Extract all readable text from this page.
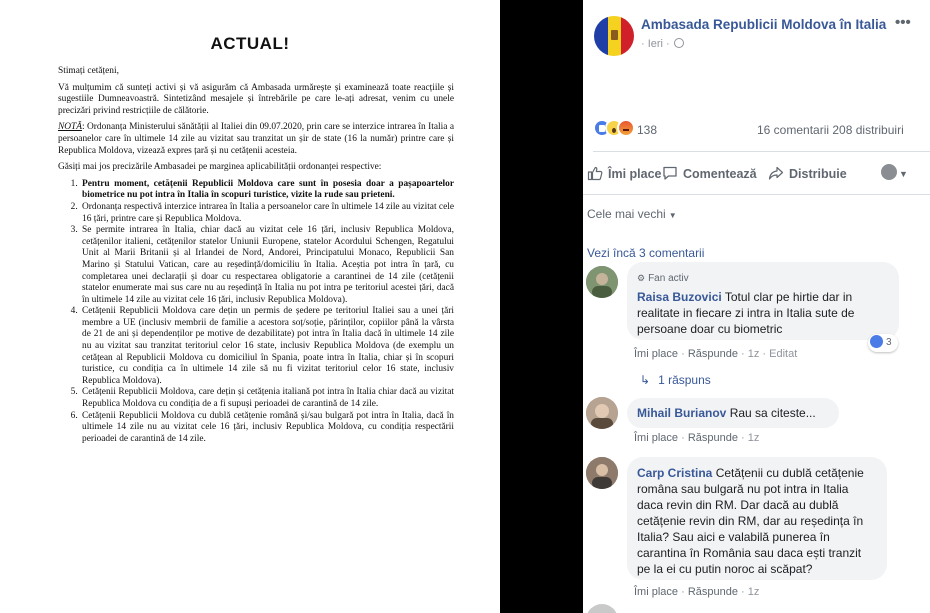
ACTUAL!

Stimați cetățeni,

Vă mulțumim că sunteți activi și vă asigurăm că Ambasada urmărește și examinează toate reacțiile și sugestiile Dumneavoastră. Sintetizând mesajele și întrebările pe care le-ați adresat, venim cu unele precizări privind restricțiile de călătorie.

NOTĂ: Ordonanța Ministerului sănătății al Italiei din 09.07.2020, prin care se interzice intrarea în Italia a persoanelor care în ultimele 14 zile au vizitat sau tranzitat un șir de state (16 la număr) printre care și Republica Moldova, vizează expres țară și nu cetățenii acesteia.

Găsiți mai jos precizările Ambasadei pe marginea aplicabilității ordonanței respective:

1. Pentru moment, cetățenii Republicii Moldova care sunt în posesia doar a pașapoartelor biometrice nu pot intra în Italia în scopuri turistice, vizite la rude sau prieteni.
2. Ordonanța respectivă interzice intrarea în Italia a persoanelor care în ultimele 14 zile au vizitat cele 16 țări, printre care și Republica Moldova.
3. Se permite intrarea în Italia, chiar dacă au vizitat cele 16 țări, inclusiv Republica Moldova, cetățenilor italieni, cetățenilor statelor Uniunii Europene, statelor Acordului Schengen, Regatului Unit al Marii Britanii și al Irlandei de Nord, Andorei, Principatului Monaco, Republicii San Marino și Statului Vatican, care au reședință/domiciliu în Italia. Aceștia pot intra în țară, cu completarea unei declarații și doar cu respectarea obligatorie a carantinei de 14 zile (cetățenii statelor enumerate mai sus care nu au reședință în Italia nu pot intra pe teritoriul acestei țări, dacă în ultimele 14 zile au vizitat cele 16 țări, inclusiv Republica Moldova).
4. Cetățenii Republicii Moldova care dețin un permis de ședere pe teritoriul Italiei sau a unei țări membre a UE (inclusiv membrii de familie a acestora soț/soție, părinților, copiilor până la vârsta de 21 de ani și dependenților pe motive de dezabilitate) pot intra în Italia dacă în ultimele 14 zile nu au vizitat sau tranzitat teritoriul celor 16 state, inclusiv Republica Moldova (de exemplu un cetățean al Republicii Moldova cu domiciliul în Spania, poate intra în Italia, chiar și în scopuri turistice, cu condiția ca în ultimele 14 zile să nu fi vizitat teritoriul celor 16 state, inclusiv Republica Moldova).
5. Cetățenii Republicii Moldova, care dețin și cetățenia italiană pot intra în Italia chiar dacă au vizitat Republica Moldova cu condiția de a fi supuși perioadei de carantină de 14 zile.
6. Cetățenii Republicii Moldova cu dublă cetățenie română și/sau bulgară pot intra în Italia, dacă în ultimele 14 zile nu au vizitat cele 16 țări, inclusiv Republica Moldova, cu condiția respectării perioadei de carantină de 14 zile.
Ambasada Republicii Moldova în Italia •••
· Ieri ·
138	16 comentarii 208 distribuiri
Îmi place	Comentează	Distribuie	▼
Cele mai vechi ▼
Vezi încă 3 comentarii
⚙ Fan activ
Raisa Buzovici Totul clar pe hirtie dar in realitate in fiecare zi intra in Italia sute de persoane doar cu biometric
3
Îmi place · Răspunde · 1z · Editat
↳ 1 răspuns
Mihail Burianov Rau sa citeste...
Îmi place · Răspunde · 1z
Carp Cristina Cetățenii cu dublă cetățenie româna sau bulgară nu pot intra in Italia daca revin din RM. Dar dacă au dublă cetățenie revin din RM, dar au reședința în Italia? Sau aici e valabilă punerea în carantina în România sau daca ești tranzit pe la ei cu putin noroc ai scăpat?
Îmi place · Răspunde · 1z
